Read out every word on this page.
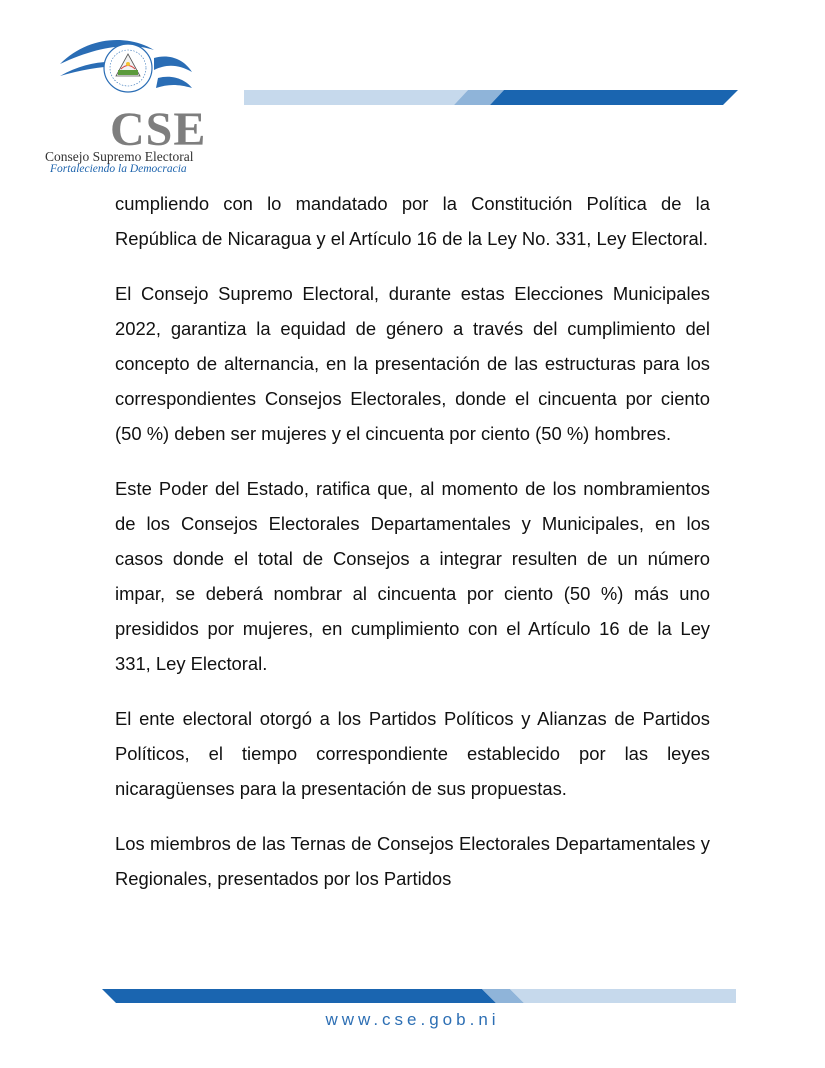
CSE
Consejo Supremo Electoral
Fortaleciendo la Democracia

cumpliendo con lo mandatado por la Constitución Política de la República de Nicaragua y el Artículo 16 de la Ley No. 331, Ley Electoral.

El Consejo Supremo Electoral, durante estas Elecciones Municipales 2022, garantiza la equidad de género a través del cumplimiento del concepto de alternancia, en la presentación de las estructuras para los correspondientes Consejos Electorales, donde el cincuenta por ciento (50 %) deben ser mujeres y el cincuenta por ciento (50 %) hombres.

Este Poder del Estado, ratifica que, al momento de los nombramientos de los Consejos Electorales Departamentales y Municipales, en los casos donde el total de Consejos a integrar resulten de un número impar, se deberá nombrar al cincuenta por ciento (50 %) más uno presididos por mujeres, en cumplimiento con el Artículo 16 de la Ley 331, Ley Electoral.

El ente electoral otorgó a los Partidos Políticos y Alianzas de Partidos Políticos, el tiempo correspondiente establecido por las leyes nicaragüenses para la presentación de sus propuestas.

Los miembros de las Ternas de Consejos Electorales Departamentales y Regionales, presentados por los Partidos

www.cse.gob.ni
